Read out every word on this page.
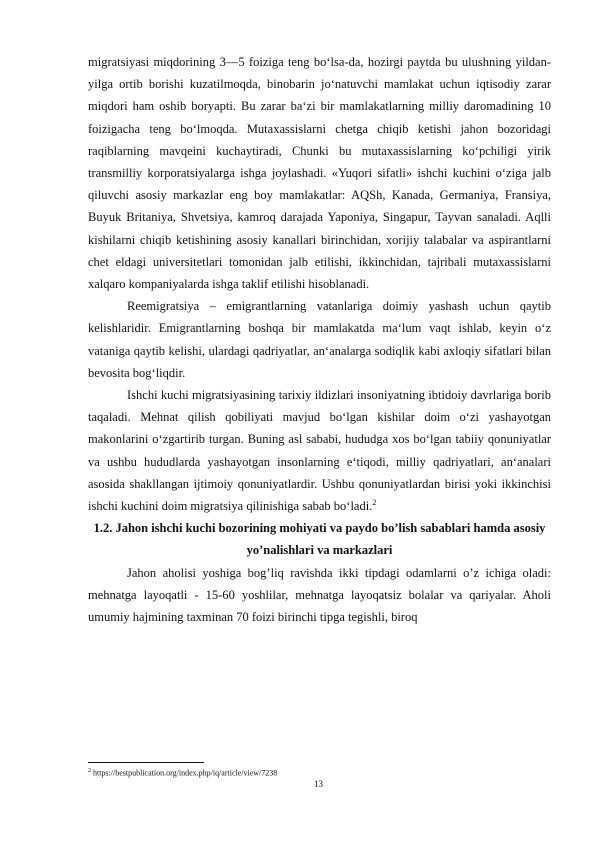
migratsiyasi miqdorining 3—5 foiziga teng bo‘lsa-da, hozirgi paytda bu ulushning yildan-yilga ortib borishi kuzatilmoqda, binobarin jo‘natuvchi mamlakat uchun iqtisodiy zarar miqdori ham oshib boryapti. Bu zarar ba‘zi bir mamlakatlarning milliy daromadining 10 foizigacha teng bo‘lmoqda. Mutaxassislarni chetga chiqib ketishi jahon bozoridagi raqiblarning mavqeini kuchaytiradi, Chunki bu mutaxassislarning ko‘pchiligi yirik transmilliy korporatsiyalarga ishga joylashadi. «Yuqori sifatli» ishchi kuchini o‘ziga jalb qiluvchi asosiy markazlar eng boy mamlakatlar: AQSh, Kanada, Germaniya, Fransiya, Buyuk Britaniya, Shvetsiya, kamroq darajada Yaponiya, Singapur, Tayvan sanaladi. Aqlli kishilarni chiqib ketishining asosiy kanallari birinchidan, xorijiy talabalar va aspirantlarni chet eldagi universitetlari tomonidan jalb etilishi, ikkinchidan, tajribali mutaxassislarni xalqaro kompaniyalarda ishga taklif etilishi hisoblanadi.

Reemigratsiya – emigrantlarning vatanlariga doimiy yashash uchun qaytib kelishlaridir. Emigrantlarning boshqa bir mamlakatda ma‘lum vaqt ishlab, keyin o‘z vataniga qaytib kelishi, ulardagi qadriyatlar, an‘analarga sodiqlik kabi axloqiy sifatlari bilan bevosita bog‘liqdir.

Ishchi kuchi migratsiyasining tarixiy ildizlari insoniyatning ibtidoiy davrlariga borib taqaladi. Mehnat qilish qobiliyati mavjud bo‘lgan kishilar doim o‘zi yashayotgan makonlarini o‘zgartirib turgan. Buning asl sababi, hududga xos bo‘lgan tabiiy qonuniyatlar va ushbu hududlarda yashayotgan insonlarning e‘tiqodi, milliy qadriyatlari, an‘analari asosida shakllangan ijtimoiy qonuniyatlardir. Ushbu qonuniyatlardan birisi yoki ikkinchisi ishchi kuchini doim migratsiya qilinishiga sabab bo‘ladi.$^2$

1.2. Jahon ishchi kuchi bozorining mohiyati va paydo bo’lish sabablari hamda asosiy yo’nalishlari va markazlari

Jahon aholisi yoshiga bog’liq ravishda ikki tipdagi odamlarni o’z ichiga oladi: mehnatga layoqatli - 15-60 yoshlilar, mehnatga layoqatsiz bolalar va qariyalar. Aholi umumiy hajmining taxminan 70 foizi birinchi tipga tegishli, biroq

$^2$ https://bestpublication.org/index.php/iq/article/view/7238
13
